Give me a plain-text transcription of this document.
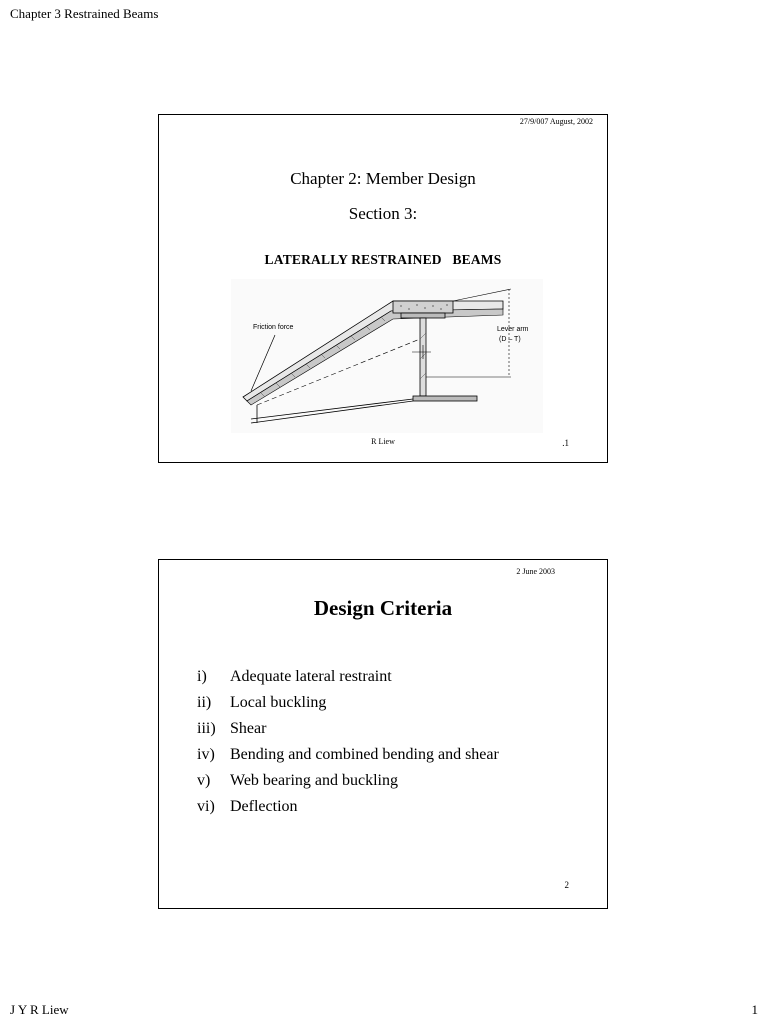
Chapter 3 Restrained Beams
27/9/007 August, 2002
Chapter 2: Member Design
Section 3:
LATERALLY RESTRAINED   BEAMS
Friction force	Lever arm
(D – T)
R Liew	.1
2 June 2003
Design Criteria
i) Adequate lateral restraint
ii) Local buckling
iii) Shear
iv) Bending and combined bending and shear
v) Web bearing and buckling
vi) Deflection
2
J Y R Liew	1
